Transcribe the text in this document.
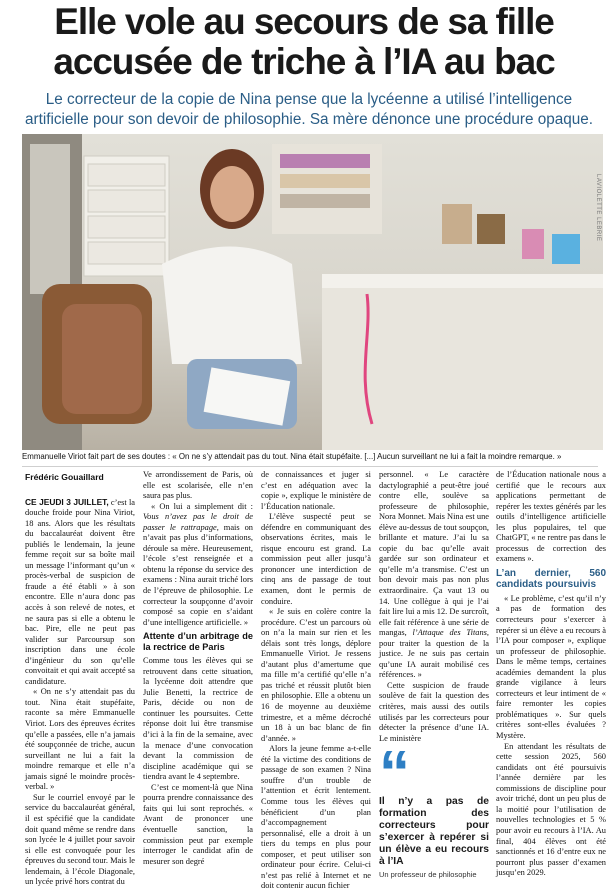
Elle vole au secours de sa fille accusée de triche à l’IA au bac

Le correcteur de la copie de Nina pense que la lycéenne a utilisé l’intelligence artificielle pour son devoir de philosophie. Sa mère dénonce une procédure opaque.

LAVIOLETTE LEBRIE
Emmanuelle Viriot fait part de ses doutes : « On ne s’y attendait pas du tout. Nina était stupéfaite. [...] Aucun surveillant ne lui a fait la moindre remarque. »
Frédéric Gouaillard

CE JEUDI 3 JUILLET, c’est la douche froide pour Nina Viriot, 18 ans. Alors que les résultats du baccalauréat doivent être publiés le lendemain, la jeune femme reçoit sur sa boîte mail un message l’informant qu’un « procès-verbal de suspicion de fraude a été établi » à son encontre. Elle n’aura donc pas accès à son relevé de notes, et ne saura pas si elle a obtenu le bac. Pire, elle ne peut pas valider sur Parcoursup son inscription dans une école d’ingénieur du son qu’elle convoitait et qui avait accepté sa candidature.

« On ne s’y attendait pas du tout. Nina était stupéfaite, raconte sa mère Emmanuelle Viriot. Lors des épreuves écrites qu’elle a passées, elle n’a jamais été soupçonnée de triche, aucun surveillant ne lui a fait la moindre remarque et elle n’a jamais signé le moindre procès-verbal. »

Sur le courriel envoyé par le service du baccalauréat général, il est spécifié que la candidate doit quand même se rendre dans son lycée le 4 juillet pour savoir si elle est convoquée pour les épreuves du second tour. Mais le lendemain, à l’école Diagonale, un lycée privé hors contrat du

Ve arrondissement de Paris, où elle est scolarisée, elle n’en saura pas plus.

« On lui a simplement dit : Vous n’avez pas le droit de passer le rattrapage, mais on n’avait pas plus d’informations, déroule sa mère. Heureusement, l’école s’est renseignée et a obtenu la réponse du service des examens : Nina aurait triché lors de l’épreuve de philosophie. Le correcteur la soupçonne d’avoir composé sa copie en s’aidant d’une intelligence artificielle. »

Attente d’un arbitrage de la rectrice de Paris

Comme tous les élèves qui se retrouvent dans cette situation, la lycéenne doit attendre que Julie Benetti, la rectrice de Paris, décide ou non de continuer les poursuites. Cette réponse doit lui être transmise d’ici à la fin de la semaine, avec la menace d’une convocation devant la commission de discipline académique qui se tiendra avant le 4 septembre.

C’est ce moment-là que Nina pourra prendre connaissance des faits qui lui sont reprochés. « Avant de prononcer une éventuelle sanction, la commission peut par exemple interroger le candidat afin de mesurer son degré

de connaissances et juger si c’est en adéquation avec la copie », explique le ministère de l’Éducation nationale.

L’élève suspecté peut se défendre en communiquant des observations écrites, mais le risque encouru est grand. La commission peut aller jusqu’à prononcer une interdiction de cinq ans de passage de tout examen, dont le permis de conduire.

« Je suis en colère contre la procédure. C’est un parcours où on n’a la main sur rien et les délais sont très longs, déplore Emmanuelle Viriot. Je ressens d’autant plus d’amertume que ma fille m’a certifié qu’elle n’a pas triché et réussit plutôt bien en philosophie. Elle a obtenu un 16 de moyenne au deuxième trimestre, et a même décroché un 18 à un bac blanc de fin d’année. »

Alors la jeune femme a-t-elle été la victime des conditions de passage de son examen ? Nina souffre d’un trouble de l’attention et écrit lentement. Comme tous les élèves qui bénéficient d’un plan d’accompagnement personnalisé, elle a droit à un tiers du temps en plus pour composer, et peut utiliser son ordinateur pour écrire. Celui-ci n’est pas relié à Internet et ne doit contenir aucun fichier

personnel. « Le caractère dactylographié a peut-être joué contre elle, soulève sa professeure de philosophie, Nora Monnet. Mais Nina est une élève au-dessus de tout soupçon, brillante et mature. J’ai lu sa copie du bac qu’elle avait gardée sur son ordinateur et qu’elle m’a transmise. C’est un bon devoir mais pas non plus extraordinaire. Ça vaut 13 ou 14. Une collègue à qui je l’ai fait lire lui a mis 12. De surcroît, elle fait référence à une série de mangas, l’Attaque des Titans, pour traiter la question de la justice. Je ne suis pas certain qu’une IA aurait mobilisé ces références. »

Cette suspicion de fraude soulève de fait la question des critères, mais aussi des outils utilisés par les correcteurs pour détecter la présence d’une IA. Le ministère

“
Il n’y a pas de formation des correcteurs pour s’exercer à repérer si un élève a eu recours à l’IA
Un professeur de philosophie

de l’Éducation nationale nous a certifié que le recours aux applications permettant de repérer les textes générés par les outils d’intelligence artificielle les plus populaires, tel que ChatGPT, « ne rentre pas dans le processus de correction des examens ».

L’an dernier, 560 candidats poursuivis

« Le problème, c’est qu’il n’y a pas de formation des correcteurs pour s’exercer à repérer si un élève a eu recours à l’IA pour composer », explique un professeur de philosophie. Dans le même temps, certaines académies demandent la plus grande vigilance à leurs correcteurs et leur intiment de « faire remonter les copies problématiques ». Sur quels critères sont-elles évaluées ? Mystère.

En attendant les résultats de cette session 2025, 560 candidats ont été poursuivis l’année dernière par les commissions de discipline pour avoir triché, dont un peu plus de la moitié pour l’utilisation de nouvelles technologies et 5 % pour avoir eu recours à l’IA. Au final, 404 élèves ont été sanctionnés et 16 d’entre eux ne pourront plus passer d’examen jusqu’en 2029.
